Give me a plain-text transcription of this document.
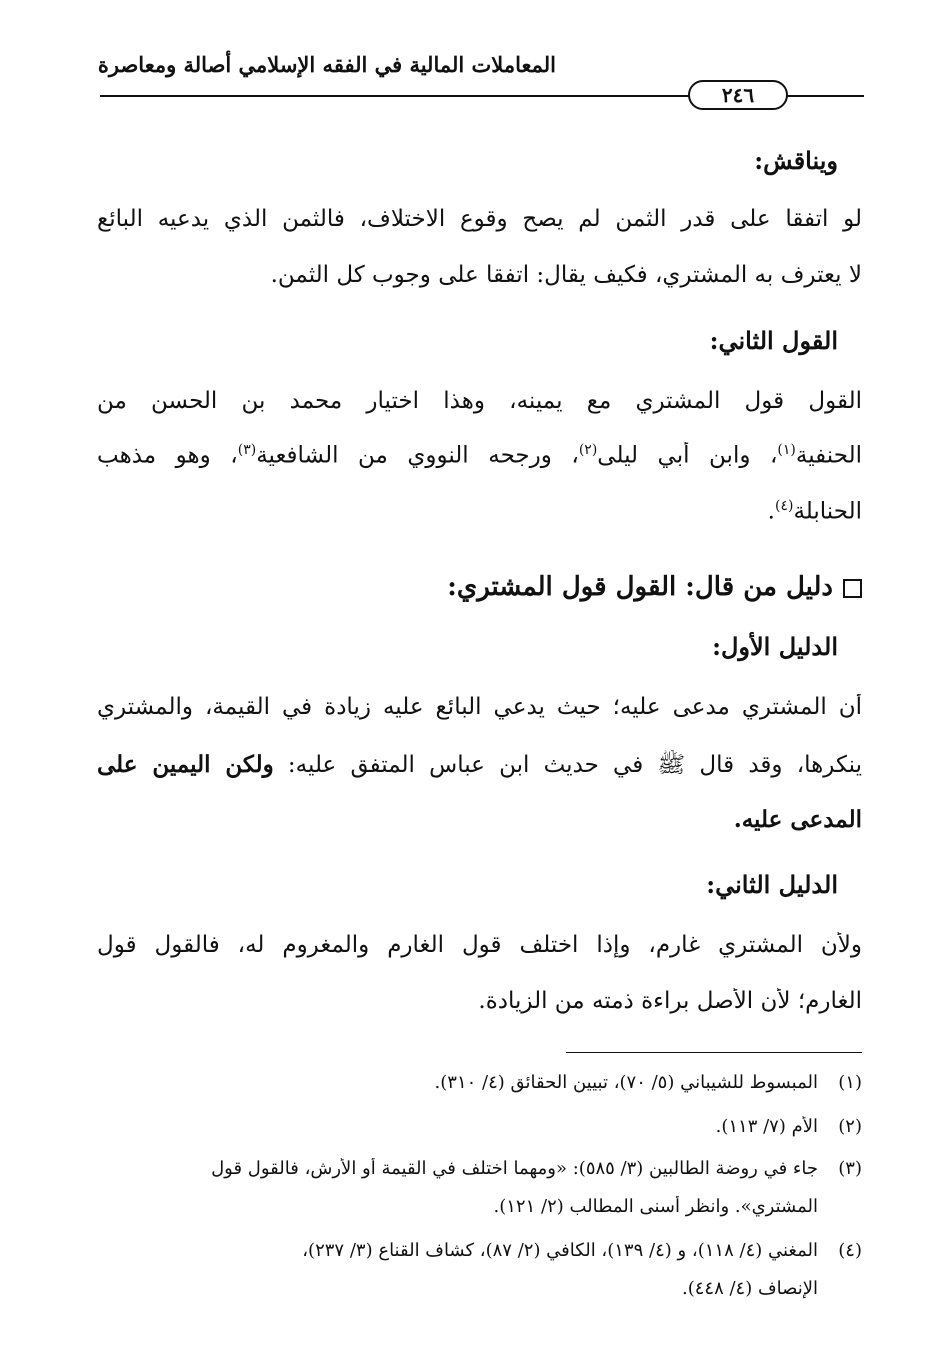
المعاملات المالية في الفقه الإسلامي أصالة ومعاصرة
٢٤٦
ويناقش:
لو اتفقا على قدر الثمن لم يصح وقوع الاختلاف، فالثمن الذي يدعيه البائع
لا يعترف به المشتري، فكيف يقال: اتفقا على وجوب كل الثمن.
القول الثاني:
القول قول المشتري مع يمينه، وهذا اختيار محمد بن الحسن من
الحنفية$^{(١)}$، وابن أبي ليلى$^{(٢)}$، ورجحه النووي من الشافعية$^{(٣)}$، وهو مذهب
الحنابلة$^{(٤)}$.
دليل من قال: القول قول المشتري:
الدليل الأول:
أن المشتري مدعى عليه؛ حيث يدعي البائع عليه زيادة في القيمة، والمشتري
ينكرها، وقد قال ﷺ في حديث ابن عباس المتفق عليه: ولكن اليمين على
المدعى عليه.
الدليل الثاني:
ولأن المشتري غارم، وإذا اختلف قول الغارم والمغروم له، فالقول قول
الغارم؛ لأن الأصل براءة ذمته من الزيادة.
(١)المبسوط للشيباني (٥/ ٧٠)، تبيين الحقائق (٤/ ٣١٠).
(٢)الأم (٧/ ١١٣).
(٣)جاء في روضة الطالبين (٣/ ٥٨٥): «ومهما اختلف في القيمة أو الأرش، فالقول قول
المشتري». وانظر أسنى المطالب (٢/ ١٢١).
(٤)المغني (٤/ ١١٨)، و (٤/ ١٣٩)، الكافي (٢/ ٨٧)، كشاف القناع (٣/ ٢٣٧)،
الإنصاف (٤/ ٤٤٨).
